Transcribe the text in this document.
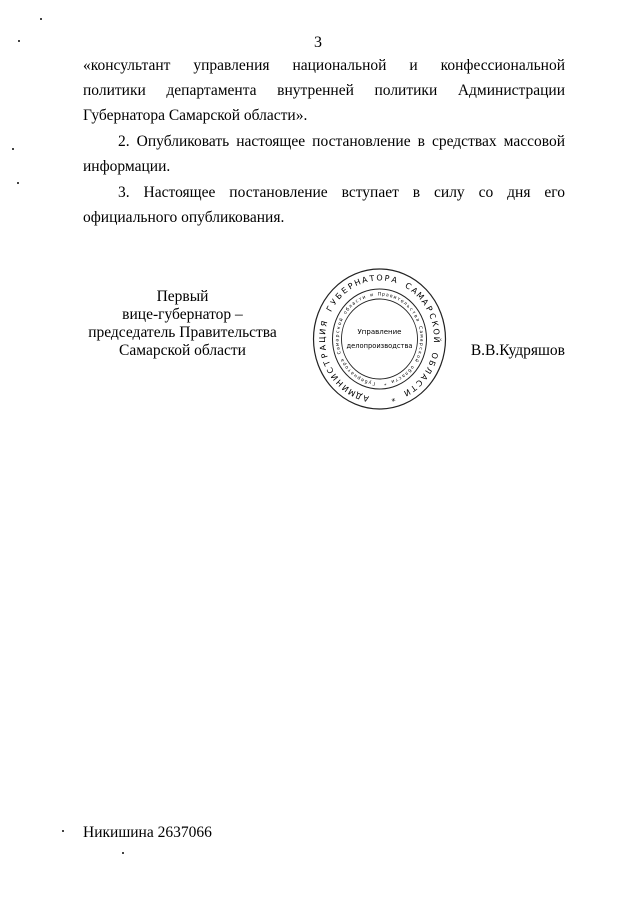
3
«консультант управления национальной и конфессиональной
политики департамента внутренней политики Администрации
Губернатора Самарской области».
2. Опубликовать настоящее постановление в средствах массовой
информации.
3. Настоящее постановление вступает в силу со дня его
официального опубликования.
Первый
вице-губернатор –
председатель Правительства
Самарской области
А
Д
М
И
Н
И
С
Т
Р
А
Ц
И
Я
Г
У
Б
Е
Р
Н
А Т О Р А
С
А
М
А
Р
С
К
О
Й
О
Б
Л
А
С
Т
И
*
Г
у
б
е
р
н
а
т
о
р
а
С
а
м
а
р
с
к
о
й
о
б
л
а
с
т
и и П р а в и
т
е
л
ь
с
т
в
а
С
а
м
а
р
с
к
о
й
о
б
л
а
с
т
и
*
Управление
делопроизводства	В.В.Кудряшов
Никишина 2637066
